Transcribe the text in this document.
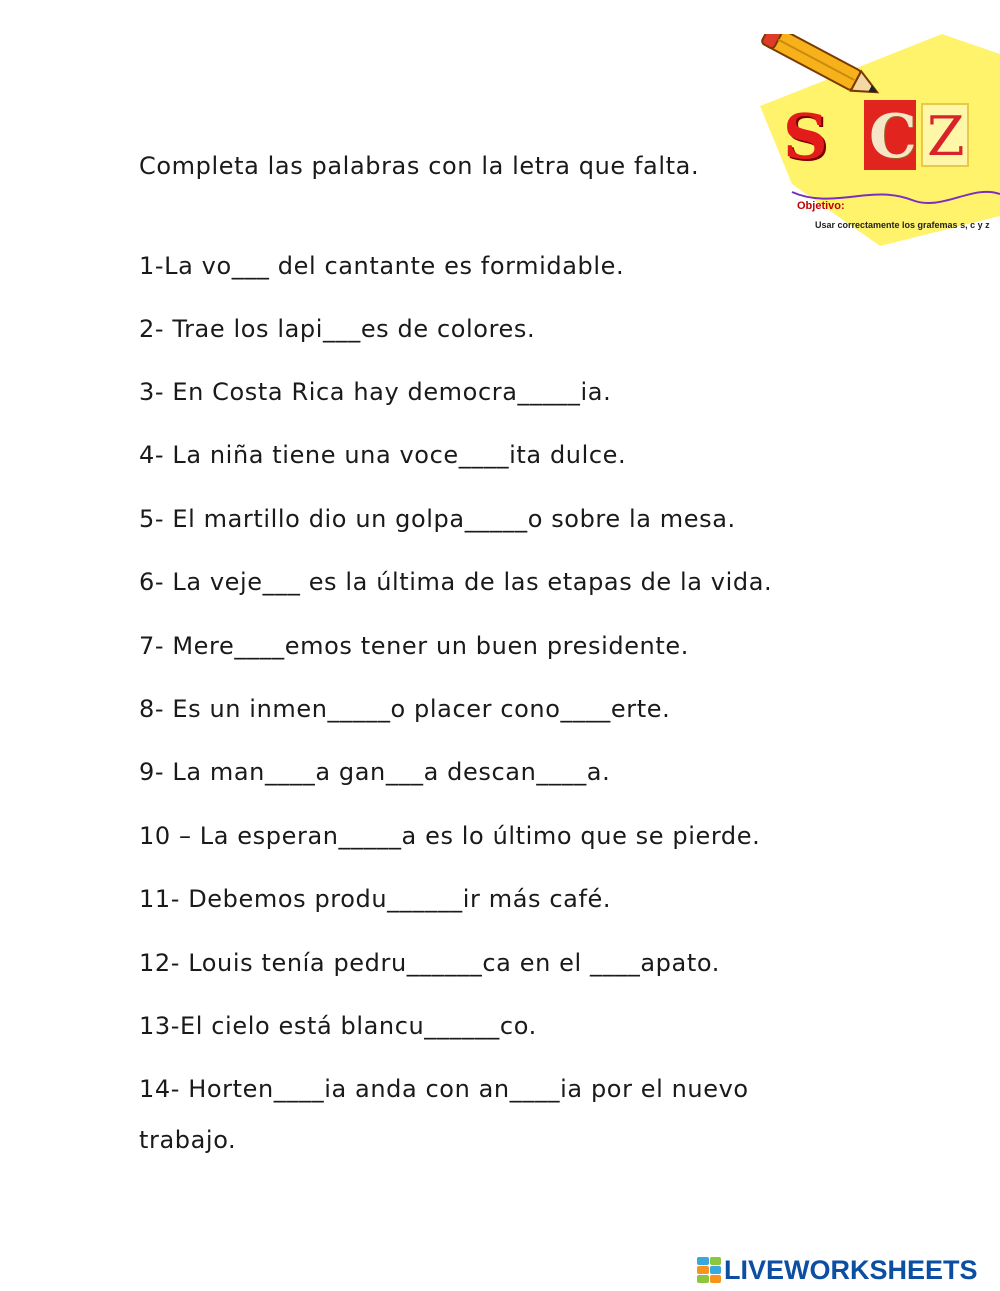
Completa las palabras con la letra que falta.
1-La vo___ del cantante es formidable.
2- Trae los lapi___es de colores.
3- En Costa Rica hay democra_____ia.
4- La niña tiene una voce____ita dulce.
5- El martillo dio un golpa_____o sobre la mesa.
6- La veje___ es la última de las etapas de la vida.
7- Mere____emos tener un buen presidente.
8- Es un inmen_____o placer cono____erte.
9- La man____a gan___a descan____a.
10 – La esperan_____a es lo último que se pierde.
11- Debemos produ______ir más café.
12- Louis tenía pedru______ca en el ____apato.
13-El cielo está blancu______co.
14- Horten____ia anda con an____ia por el nuevo
trabajo.
S C Z
Objetivo:
Usar correctamente los grafemas s, c y z
LIVEWORKSHEETS
